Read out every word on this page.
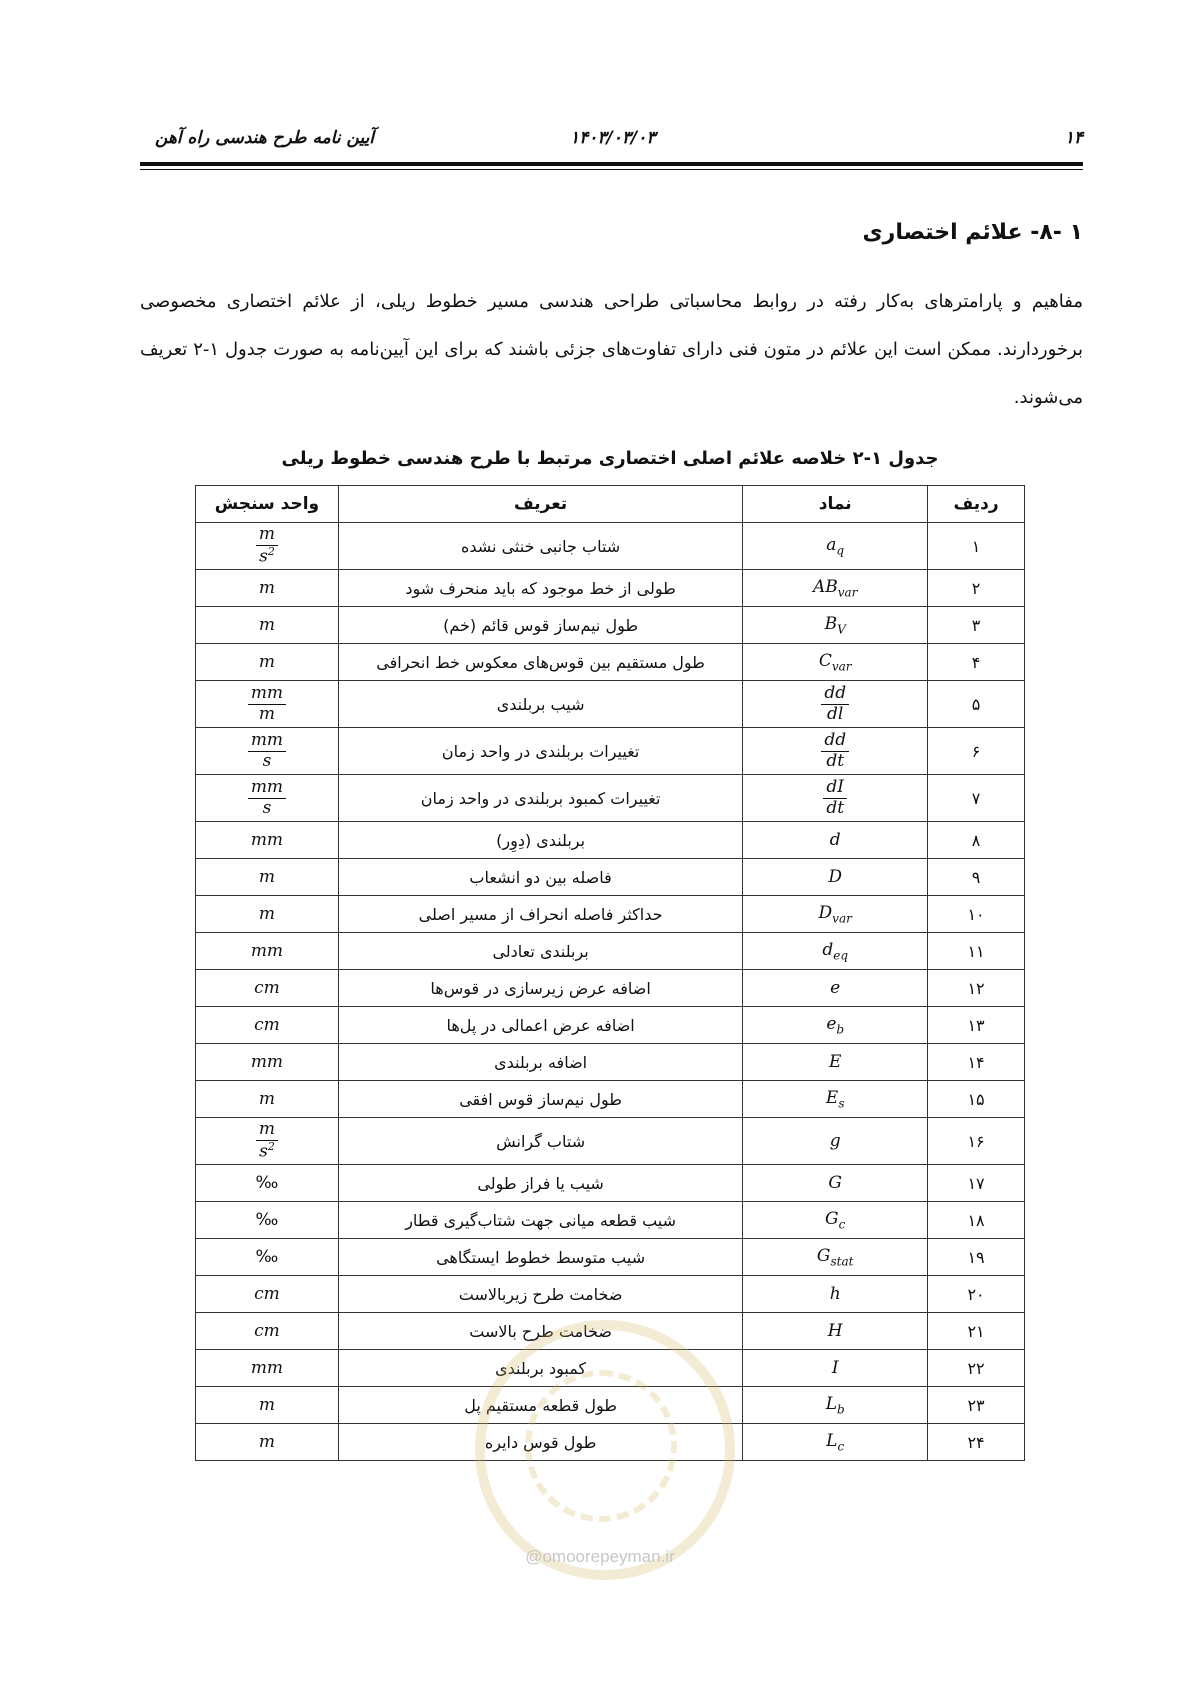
۱۴
۱۴۰۳/۰۳/۰۳
آیین نامه طرح هندسی راه آهن
۱ -۸- علائم اختصاری
مفاهیم و پارامترهای به‌کار رفته در روابط محاسباتی طراحی هندسی مسیر خطوط ریلی، از علائم اختصاری مخصوصی برخوردارند. ممکن است این علائم در متون فنی دارای تفاوت‌های جزئی باشند که برای این آیین‌نامه به صورت جدول ۱-۲ تعریف می‌شوند.
جدول ۱-۲ خلاصه علائم اصلی اختصاری مرتبط با طرح هندسی خطوط ریلی
ردیف	نماد	تعریف	واحد سنجش
۱	$a_q$	شتاب جانبی خنثی نشده	$\frac{m}{s^2}$

۲	$AB_{var}$	طولی از خط موجود که باید منحرف شود	m
۳	$B_V$	طول نیم‌ساز قوس قائم (خم)	m
۴	$C_{var}$	طول مستقیم بین قوس‌های معکوس خط انحرافی	m
۵	$\frac{dd}{dl}$	شیب بربلندی	$\frac{mm}{m}$

۶	$\frac{dd}{dt}$	تغییرات بربلندی در واحد زمان	$\frac{mm}{s}$

۷	$\frac{dI}{dt}$	تغییرات کمبود بربلندی در واحد زمان	$\frac{mm}{s}$

۸	d	بربلندی (دِوِر)	mm
۹	D	فاصله بین دو انشعاب	m
۱۰	$D_{var}$	حداکثر فاصله انحراف از مسیر اصلی	m
۱۱	$d_{eq}$	بربلندی تعادلی	mm
۱۲	e	اضافه عرض زیرسازی در قوس‌ها	cm
۱۳	$e_b$	اضافه عرض اعمالی در پل‌ها	cm
۱۴	E	اضافه بربلندی	mm
۱۵	$E_s$	طول نیم‌ساز قوس افقی	m
۱۶	g	شتاب گرانش	$\frac{m}{s^2}$

۱۷	G	شیب یا فراز طولی	‰
۱۸	$G_c$	شیب قطعه میانی جهت شتاب‌گیری قطار	‰
۱۹	$G_{stat}$	شیب متوسط خطوط ایستگاهی	‰
۲۰	h	ضخامت طرح زیربالاست	cm
۲۱	H	ضخامت طرح بالاست	cm
۲۲	I	کمبود بربلندی	mm
۲۳	$L_b$	طول قطعه مستقیم پل	m
۲۴	$L_c$	طول قوس دایره	m
@omoorepeyman.ir
